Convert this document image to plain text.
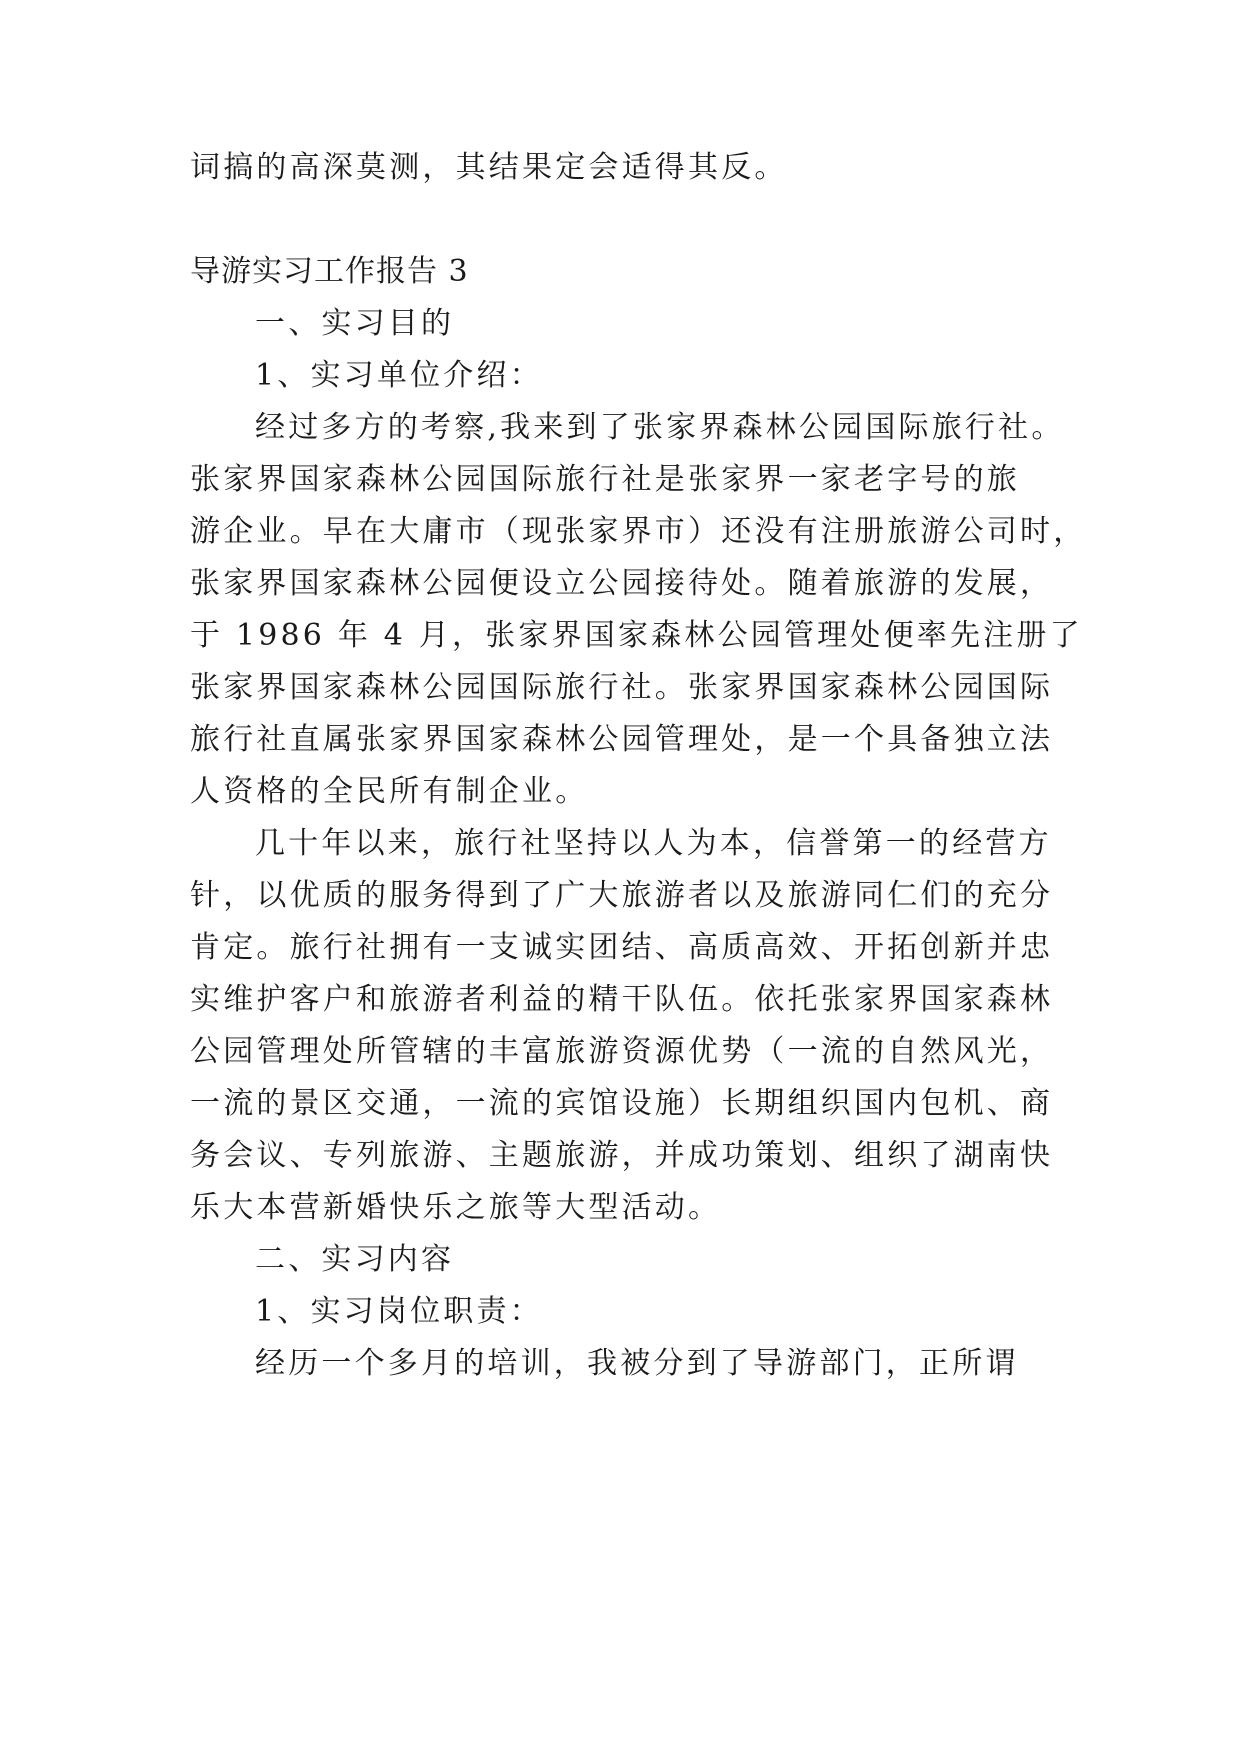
词搞的高深莫测，其结果定会适得其反。
导游实习工作报告 3
一、实习目的
1、实习单位介绍：
经过多方的考察,我来到了张家界森林公园国际旅行社。
张家界国家森林公园国际旅行社是张家界一家老字号的旅
游企业。早在大庸市（现张家界市）还没有注册旅游公司时，
张家界国家森林公园便设立公园接待处。随着旅游的发展，
于 1986 年 4 月，张家界国家森林公园管理处便率先注册了
张家界国家森林公园国际旅行社。张家界国家森林公园国际
旅行社直属张家界国家森林公园管理处，是一个具备独立法
人资格的全民所有制企业。
几十年以来，旅行社坚持以人为本，信誉第一的经营方
针，以优质的服务得到了广大旅游者以及旅游同仁们的充分
肯定。旅行社拥有一支诚实团结、高质高效、开拓创新并忠
实维护客户和旅游者利益的精干队伍。依托张家界国家森林
公园管理处所管辖的丰富旅游资源优势（一流的自然风光，
一流的景区交通，一流的宾馆设施）长期组织国内包机、商
务会议、专列旅游、主题旅游，并成功策划、组织了湖南快
乐大本营新婚快乐之旅等大型活动。
二、实习内容
1、实习岗位职责：
经历一个多月的培训，我被分到了导游部门，正所谓
